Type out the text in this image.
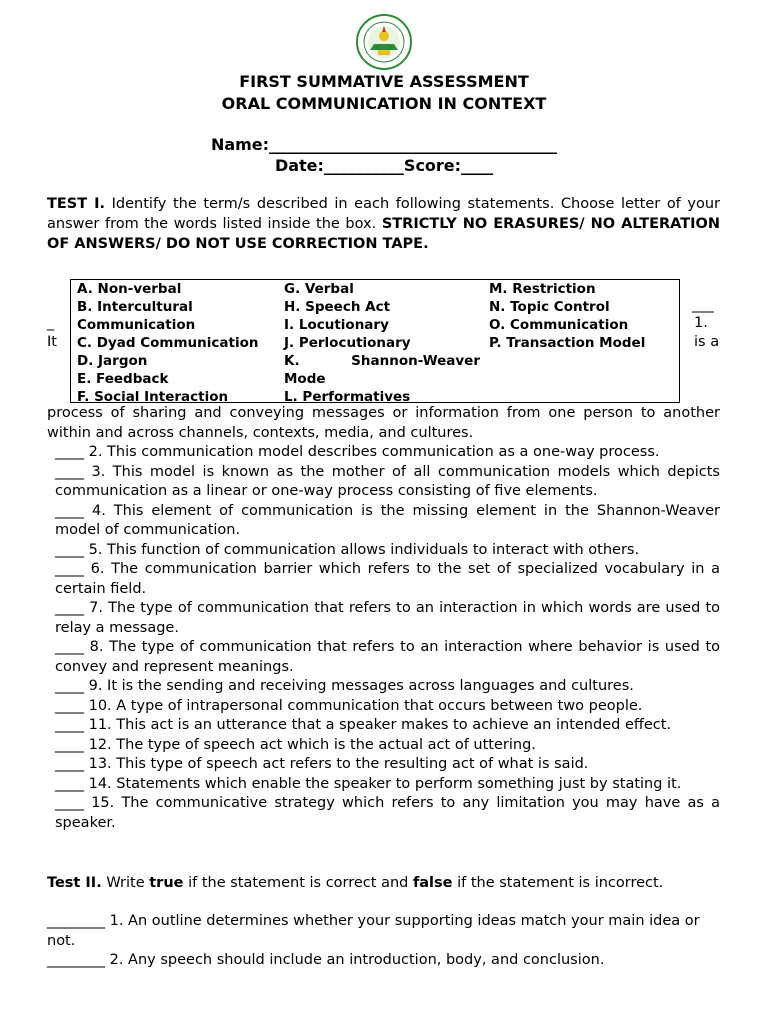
FIRST SUMMATIVE ASSESSMENT
ORAL COMMUNICATION IN CONTEXT
Name:____________________________________
Date:__________Score:____
TEST I. Identify the term/s described in each following statements. Choose letter of your answer from the words listed inside the box. STRICTLY NO ERASURES/ NO ALTERATION OF ANSWERS/ DO NOT USE CORRECTION TAPE.
A. Non-verbal
B. Intercultural
Communication
C. Dyad Communication
D. Jargon
E. Feedback
F. Social Interaction
G. Verbal
H. Speech Act
I. Locutionary
J. Perlocutionary
K.	Shannon-Weaver
Mode
L. Performatives
M. Restriction
N. Topic Control
O. Communication
P. Transaction Model
_
It
___
1.
is a
process of sharing and conveying messages or information from one person to another within and across channels, contexts, media, and cultures.
____ 2. This communication model describes communication as a one-way process.
____ 3. This model is known as the mother of all communication models which depicts communication as a linear or one-way process consisting of five elements.
____ 4. This element of communication is the missing element in the Shannon-Weaver model of communication.
____ 5. This function of communication allows individuals to interact with others.
____ 6. The communication barrier which refers to the set of specialized vocabulary in a certain field.
____ 7. The type of communication that refers to an interaction in which words are used to relay a message.
____ 8. The type of communication that refers to an interaction where behavior is used to convey and represent meanings.
____ 9. It is the sending and receiving messages across languages and cultures.
____ 10. A type of intrapersonal communication that occurs between two people.
____ 11. This act is an utterance that a speaker makes to achieve an intended effect.
____ 12. The type of speech act which is the actual act of uttering.
____ 13. This type of speech act refers to the resulting act of what is said.
____ 14. Statements which enable the speaker to perform something just by stating it.
____ 15. The communicative strategy which refers to any limitation you may have as a speaker.
Test II. Write true if the statement is correct and false if the statement is incorrect.
________ 1. An outline determines whether your supporting ideas match your main idea or not.
________ 2. Any speech should include an introduction, body, and conclusion.
